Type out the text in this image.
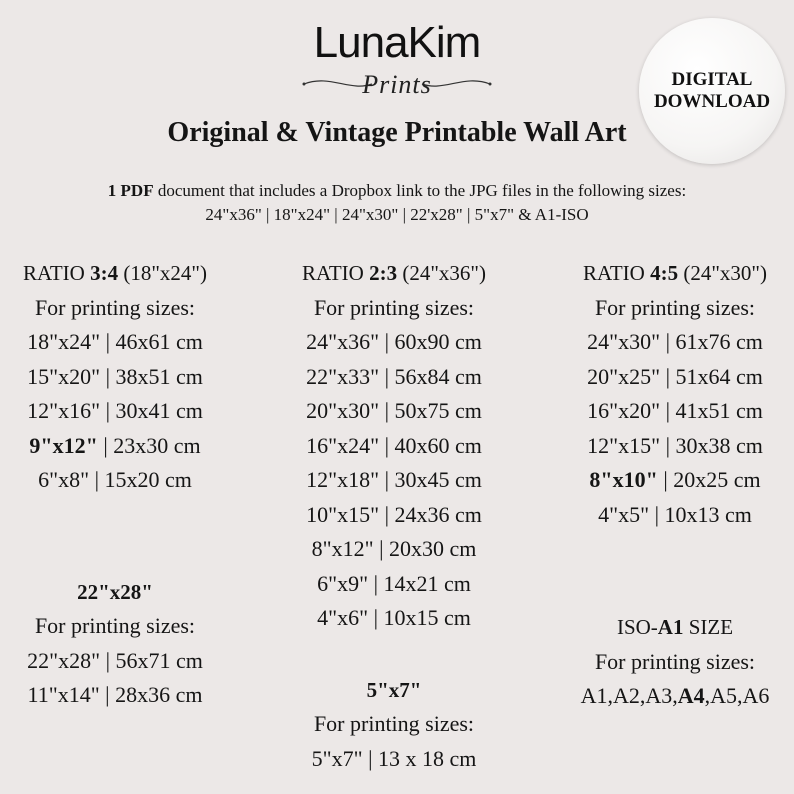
LunaKim
Prints
Original & Vintage Printable Wall Art
1 PDF document that includes a Dropbox link to the JPG files in the following sizes:
24"x36" | 18"x24" | 24"x30" | 22'x28" | 5"x7" & A1-ISO
DIGITAL
DOWNLOAD
RATIO 3:4 (18"x24")
For printing sizes:
18"x24" | 46x61 cm
15"x20" | 38x51 cm
12"x16" | 30x41 cm
9"x12" | 23x30 cm
6"x8" | 15x20 cm
RATIO 2:3 (24"x36")
For printing sizes:
24"x36" | 60x90 cm
22"x33" | 56x84 cm
20"x30" | 50x75 cm
16"x24" | 40x60 cm
12"x18" | 30x45 cm
10"x15" | 24x36 cm
8"x12" | 20x30 cm
6"x9" | 14x21 cm
4"x6" | 10x15 cm
RATIO 4:5 (24"x30")
For printing sizes:
24"x30" | 61x76 cm
20"x25" | 51x64 cm
16"x20" | 41x51 cm
12"x15" | 30x38 cm
8"x10" | 20x25 cm
4"x5" | 10x13 cm
22"x28"
For printing sizes:
22"x28" | 56x71 cm
11"x14" | 28x36 cm	5"x7"
For printing sizes:
5"x7" | 13 x 18 cm
ISO-A1 SIZE
For printing sizes:
A1,A2,A3,A4,A5,A6
